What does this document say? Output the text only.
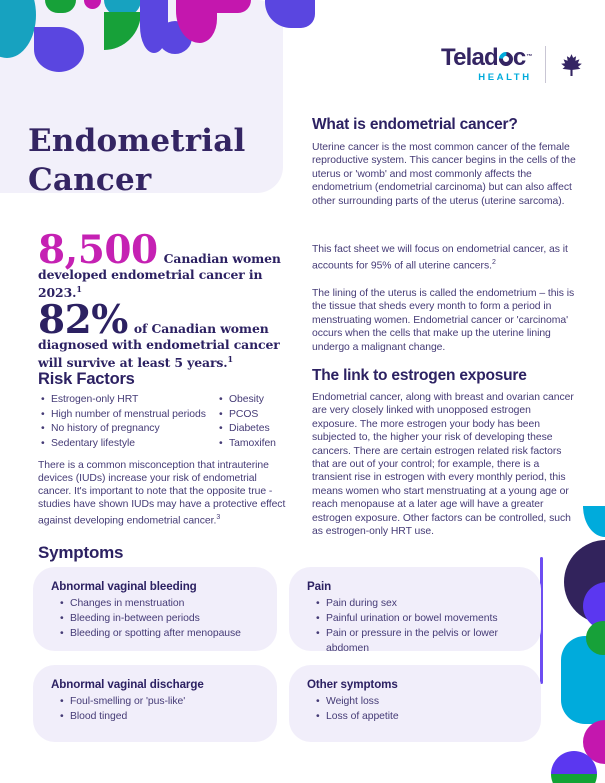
Telad c ™
HEALTH
Endometrial
Cancer

8,500 Canadian women developed endometrial cancer in 2023.$^1$

82% of Canadian women diagnosed with endometrial cancer will survive at least 5 years.$^1$

Risk Factors
• Estrogen-only HRT
• High number of menstrual periods
• No history of pregnancy
• Sedentary lifestyle
• Obesity
• PCOS
• Diabetes
• Tamoxifen

There is a common misconception that intrauterine devices (IUDs) increase your risk of endometrial cancer. It's important to note that the opposite true - studies have shown IUDs may have a protective effect against developing endometrial cancer.$^3$

What is endometrial cancer?

Uterine cancer is the most common cancer of the female reproductive system. This cancer begins in the cells of the uterus or 'womb' and most commonly affects the endometrium (endometrial carcinoma) but can also affect other surrounding parts of the uterus (uterine sarcoma).

This fact sheet we will focus on endometrial cancer, as it accounts for 95% of all uterine cancers.$^2$

The lining of the uterus is called the endometrium – this is the tissue that sheds every month to form a period in menstruating women. Endometrial cancer or 'carcinoma' occurs when the cells that make up the uterine lining undergo a malignant change.

The link to estrogen exposure

Endometrial cancer, along with breast and ovarian cancer are very closely linked with unopposed estrogen exposure. The more estrogen your body has been subjected to, the higher your risk of developing these cancers. There are certain estrogen related risk factors that are out of your control; for example, there is a transient rise in estrogen with every monthly period, this means women who start menstruating at a young age or reach menopause at a later age will have a greater estrogen exposure. Other factors can be controlled, such as estrogen-only HRT use.

Symptoms
Abnormal vaginal bleeding
• Changes in menstruation
• Bleeding in-between periods
• Bleeding or spotting after menopause
Pain
• Pain during sex
• Painful urination or bowel movements
• Pain or pressure in the pelvis or lower abdomen
Abnormal vaginal discharge
• Foul-smelling or 'pus-like'
• Blood tinged
Other symptoms
• Weight loss
• Loss of appetite
